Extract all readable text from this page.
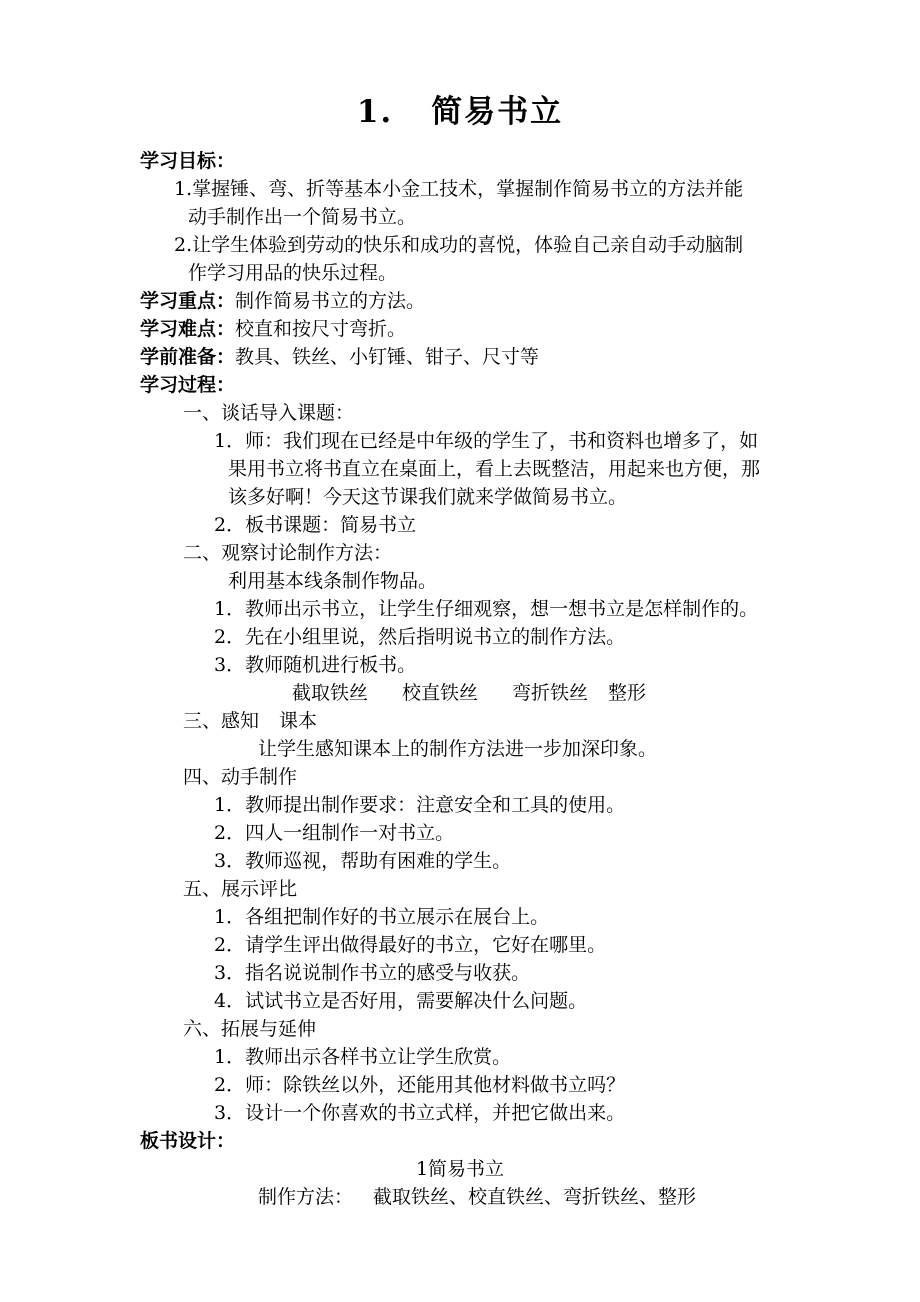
1. 简易书立
学习目标：
1.掌握锤、弯、折等基本小金工技术，掌握制作简易书立的方法并能
动手制作出一个简易书立。
2.让学生体验到劳动的快乐和成功的喜悦，体验自己亲自动手动脑制
作学习用品的快乐过程。
学习重点：制作简易书立的方法。
学习难点：校直和按尺寸弯折。
学前准备：教具、铁丝、小钉锤、钳子、尺寸等
学习过程：
一、谈话导入课题：
1．师：我们现在已经是中年级的学生了，书和资料也增多了，如
果用书立将书直立在桌面上，看上去既整洁，用起来也方便，那
该多好啊！今天这节课我们就来学做简易书立。
2．板书课题：简易书立
二、观察讨论制作方法：
利用基本线条制作物品。
1．教师出示书立，让学生仔细观察，想一想书立是怎样制作的。
2．先在小组里说，然后指明说书立的制作方法。
3．教师随机进行板书。
截取铁丝 校直铁丝 弯折铁丝 整形
三、感知 课本
让学生感知课本上的制作方法进一步加深印象。
四、动手制作
1．教师提出制作要求：注意安全和工具的使用。
2．四人一组制作一对书立。
3．教师巡视，帮助有困难的学生。
五、展示评比
1．各组把制作好的书立展示在展台上。
2．请学生评出做得最好的书立，它好在哪里。
3．指名说说制作书立的感受与收获。
4．试试书立是否好用，需要解决什么问题。
六、拓展与延伸
1．教师出示各样书立让学生欣赏。
2．师：除铁丝以外，还能用其他材料做书立吗？
3．设计一个你喜欢的书立式样，并把它做出来。
板书设计：
1简易书立
制作方法： 截取铁丝、校直铁丝、弯折铁丝、整形
